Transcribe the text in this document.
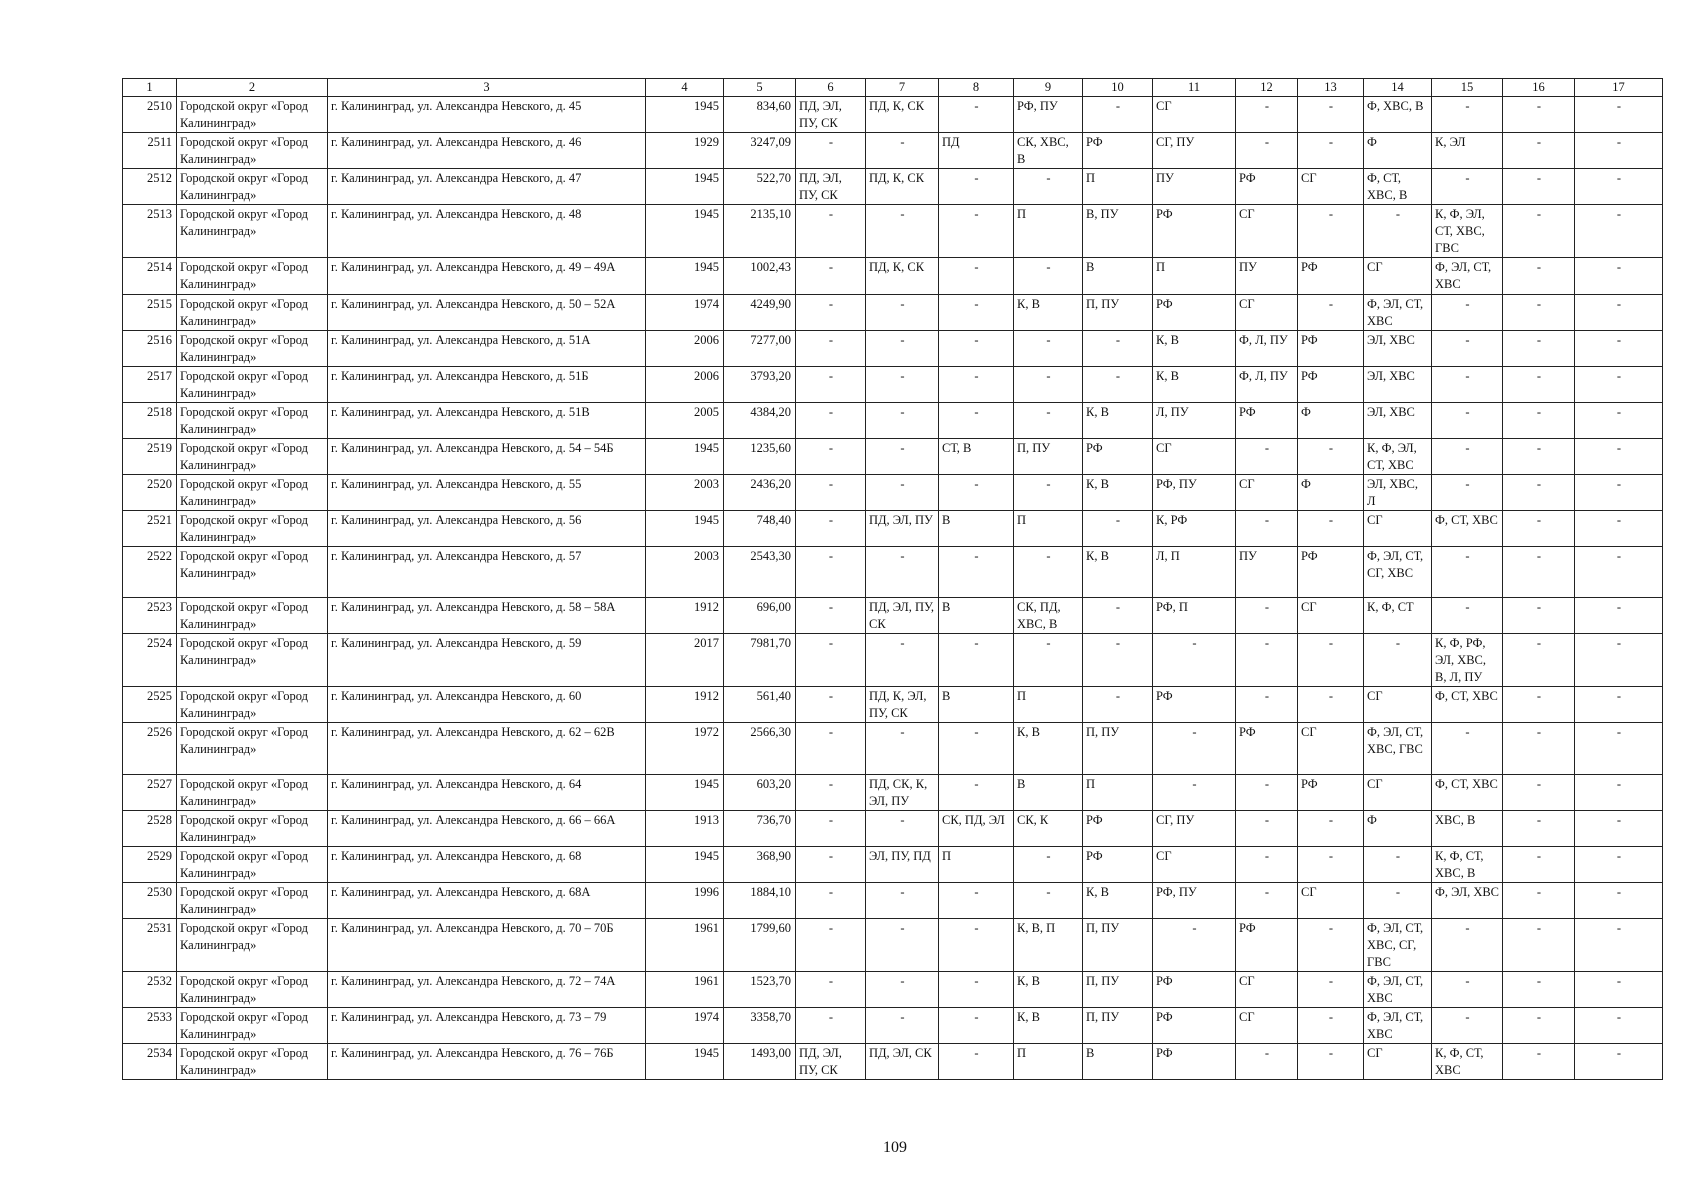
1	2	3	4	5	6	7	8	9	10	11	12	13	14	15	16	17
2510	Городской округ «Город Калининград»	г. Калининград, ул. Александра Невского, д. 45	1945	834,60	ПД, ЭЛ, ПУ, СК	ПД, К, СК	-	РФ, ПУ	-	СГ	-	-	Ф, ХВС, В	-	-	-
2511	Городской округ «Город Калининград»	г. Калининград, ул. Александра Невского, д. 46	1929	3247,09	-	-	ПД	СК, ХВС, В	РФ	СГ, ПУ	-	-	Ф	К, ЭЛ	-	-
2512	Городской округ «Город Калининград»	г. Калининград, ул. Александра Невского, д. 47	1945	522,70	ПД, ЭЛ, ПУ, СК	ПД, К, СК	-	-	П	ПУ	РФ	СГ	Ф, СТ, ХВС, В	-	-	-
2513	Городской округ «Город Калининград»	г. Калининград, ул. Александра Невского, д. 48	1945	2135,10	-	-	-	П	В, ПУ	РФ	СГ	-	-	К, Ф, ЭЛ, СТ, ХВС, ГВС	-	-
2514	Городской округ «Город Калининград»	г. Калининград, ул. Александра Невского, д. 49 – 49А	1945	1002,43	-	ПД, К, СК	-	-	В	П	ПУ	РФ	СГ	Ф, ЭЛ, СТ, ХВС	-	-
2515	Городской округ «Город Калининград»	г. Калининград, ул. Александра Невского, д. 50 – 52А	1974	4249,90	-	-	-	К, В	П, ПУ	РФ	СГ	-	Ф, ЭЛ, СТ, ХВС	-	-	-
2516	Городской округ «Город Калининград»	г. Калининград, ул. Александра Невского, д. 51А	2006	7277,00	-	-	-	-	-	К, В	Ф, Л, ПУ	РФ	ЭЛ, ХВС	-	-	-
2517	Городской округ «Город Калининград»	г. Калининград, ул. Александра Невского, д. 51Б	2006	3793,20	-	-	-	-	-	К, В	Ф, Л, ПУ	РФ	ЭЛ, ХВС	-	-	-
2518	Городской округ «Город Калининград»	г. Калининград, ул. Александра Невского, д. 51В	2005	4384,20	-	-	-	-	К, В	Л, ПУ	РФ	Ф	ЭЛ, ХВС	-	-	-
2519	Городской округ «Город Калининград»	г. Калининград, ул. Александра Невского, д. 54 – 54Б	1945	1235,60	-	-	СТ, В	П, ПУ	РФ	СГ	-	-	К, Ф, ЭЛ, СТ, ХВС	-	-	-
2520	Городской округ «Город Калининград»	г. Калининград, ул. Александра Невского, д. 55	2003	2436,20	-	-	-	-	К, В	РФ, ПУ	СГ	Ф	ЭЛ, ХВС, Л	-	-	-
2521	Городской округ «Город Калининград»	г. Калининград, ул. Александра Невского, д. 56	1945	748,40	-	ПД, ЭЛ, ПУ	В	П	-	К, РФ	-	-	СГ	Ф, СТ, ХВС	-	-
2522	Городской округ «Город Калининград»	г. Калининград, ул. Александра Невского, д. 57	2003	2543,30	-	-	-	-	К, В	Л, П	ПУ	РФ	Ф, ЭЛ, СТ, СГ, ХВС	-	-	-
2523	Городской округ «Город Калининград»	г. Калининград, ул. Александра Невского, д. 58 – 58А	1912	696,00	-	ПД, ЭЛ, ПУ, СК	В	СК, ПД, ХВС, В	-	РФ, П	-	СГ	К, Ф, СТ	-	-	-
2524	Городской округ «Город Калининград»	г. Калининград, ул. Александра Невского, д. 59	2017	7981,70	-	-	-	-	-	-	-	-	-	К, Ф, РФ, ЭЛ, ХВС, В, Л, ПУ	-	-
2525	Городской округ «Город Калининград»	г. Калининград, ул. Александра Невского, д. 60	1912	561,40	-	ПД, К, ЭЛ, ПУ, СК	В	П	-	РФ	-	-	СГ	Ф, СТ, ХВС	-	-
2526	Городской округ «Город Калининград»	г. Калининград, ул. Александра Невского, д. 62 – 62В	1972	2566,30	-	-	-	К, В	П, ПУ	-	РФ	СГ	Ф, ЭЛ, СТ, ХВС, ГВС	-	-	-
2527	Городской округ «Город Калининград»	г. Калининград, ул. Александра Невского, д. 64	1945	603,20	-	ПД, СК, К, ЭЛ, ПУ	-	В	П	-	-	РФ	СГ	Ф, СТ, ХВС	-	-
2528	Городской округ «Город Калининград»	г. Калининград, ул. Александра Невского, д. 66 – 66А	1913	736,70	-	-	СК, ПД, ЭЛ	СК, К	РФ	СГ, ПУ	-	-	Ф	ХВС, В	-	-
2529	Городской округ «Город Калининград»	г. Калининград, ул. Александра Невского, д. 68	1945	368,90	-	ЭЛ, ПУ, ПД	П	-	РФ	СГ	-	-	-	К, Ф, СТ, ХВС, В	-	-
2530	Городской округ «Город Калининград»	г. Калининград, ул. Александра Невского, д. 68А	1996	1884,10	-	-	-	-	К, В	РФ, ПУ	-	СГ	-	Ф, ЭЛ, ХВС	-	-
2531	Городской округ «Город Калининград»	г. Калининград, ул. Александра Невского, д. 70 – 70Б	1961	1799,60	-	-	-	К, В, П	П, ПУ	-	РФ	-	Ф, ЭЛ, СТ, ХВС, СГ, ГВС	-	-	-
2532	Городской округ «Город Калининград»	г. Калининград, ул. Александра Невского, д. 72 – 74А	1961	1523,70	-	-	-	К, В	П, ПУ	РФ	СГ	-	Ф, ЭЛ, СТ, ХВС	-	-	-
2533	Городской округ «Город Калининград»	г. Калининград, ул. Александра Невского, д. 73 – 79	1974	3358,70	-	-	-	К, В	П, ПУ	РФ	СГ	-	Ф, ЭЛ, СТ, ХВС	-	-	-
2534	Городской округ «Город Калининград»	г. Калининград, ул. Александра Невского, д. 76 – 76Б	1945	1493,00	ПД, ЭЛ, ПУ, СК	ПД, ЭЛ, СК	-	П	В	РФ	-	-	СГ	К, Ф, СТ, ХВС	-	-
109
